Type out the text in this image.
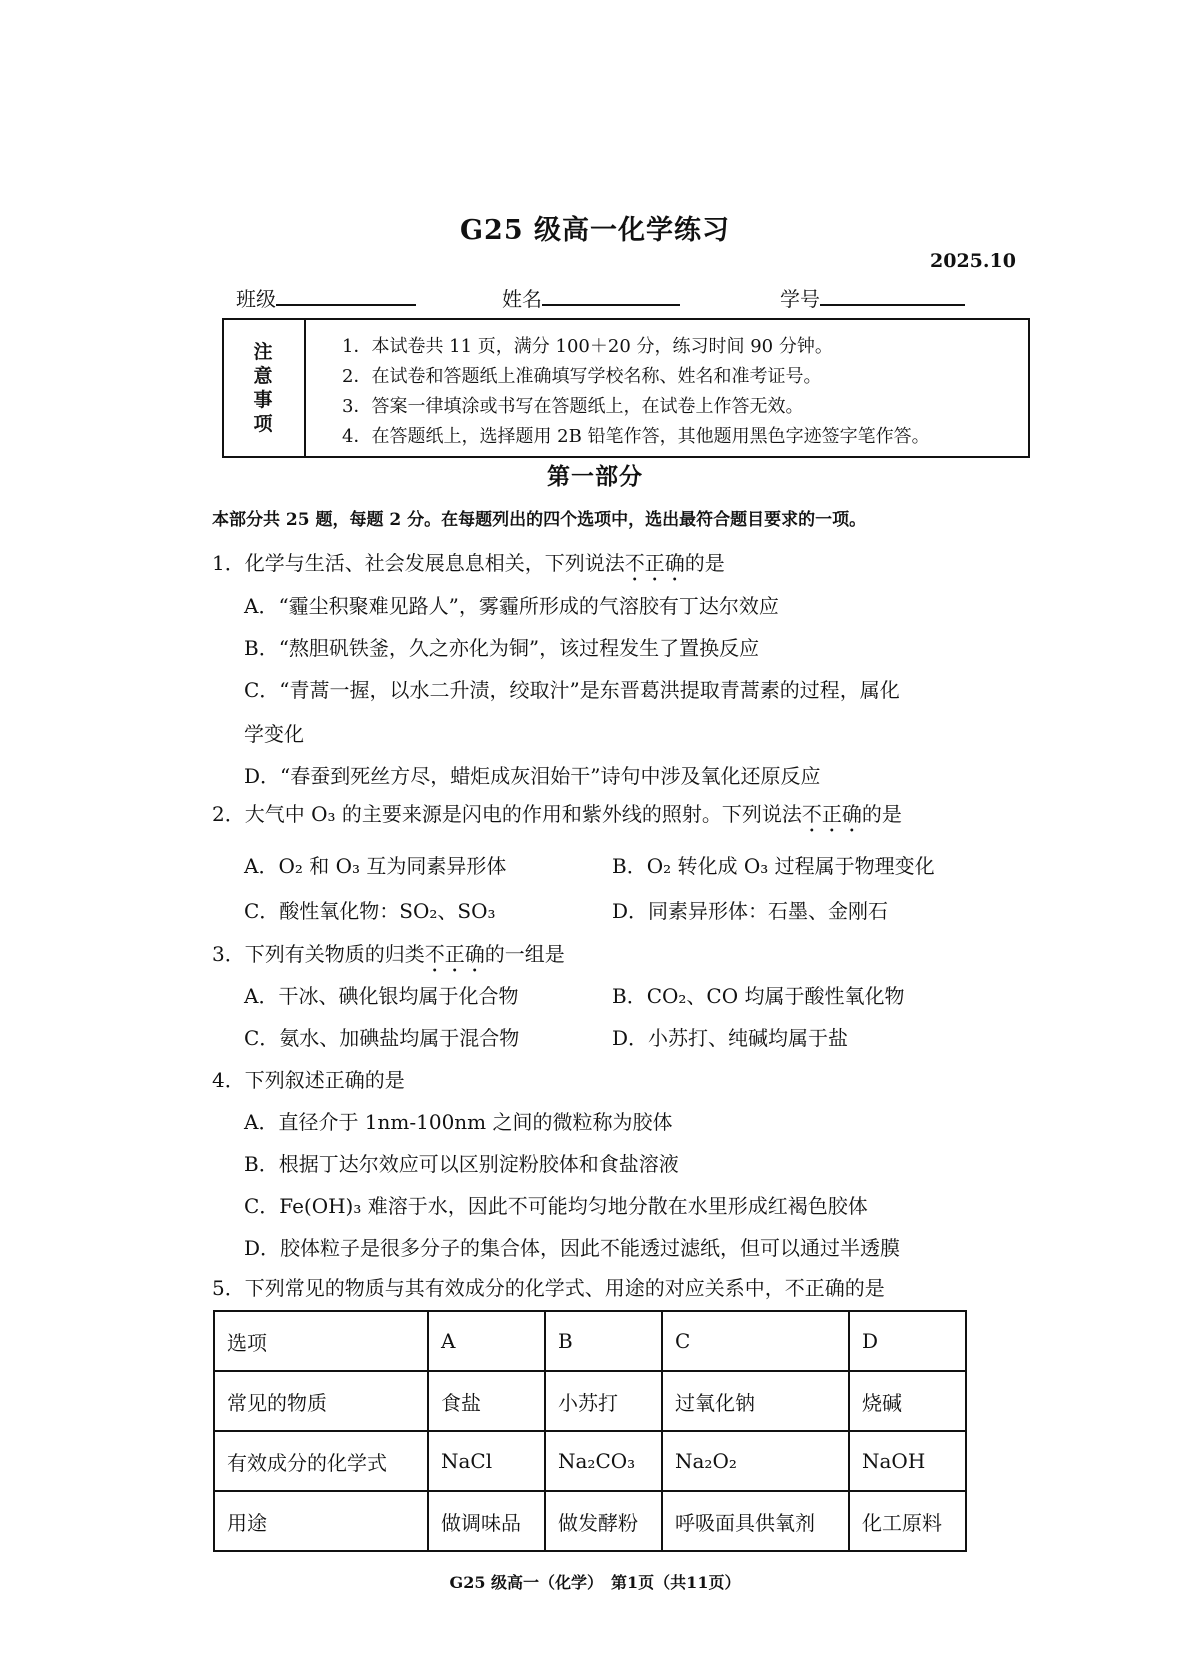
G25 级高一化学练习
2025.10
班级	姓名	学号
注意事项
1．本试卷共 11 页，满分 100＋20 分，练习时间 90 分钟。
2．在试卷和答题纸上准确填写学校名称、姓名和准考证号。
3．答案一律填涂或书写在答题纸上，在试卷上作答无效。
4．在答题纸上，选择题用 2B 铅笔作答，其他题用黑色字迹签字笔作答。
第一部分
本部分共 25 题，每题 2 分。在每题列出的四个选项中，选出最符合题目要求的一项。
1．化学与生活、社会发展息息相关，下列说法不正确的是
A．“霾尘积聚难见路人”，雾霾所形成的气溶胶有丁达尔效应
B．“熬胆矾铁釜，久之亦化为铜”，该过程发生了置换反应
C．“青蒿一握，以水二升渍，绞取汁”是东晋葛洪提取青蒿素的过程，属化
学变化
D．“春蚕到死丝方尽，蜡炬成灰泪始干”诗句中涉及氧化还原反应
2．大气中 O₃ 的主要来源是闪电的作用和紫外线的照射。下列说法不正确的是
A．O₂ 和 O₃ 互为同素异形体	B．O₂ 转化成 O₃ 过程属于物理变化
C．酸性氧化物：SO₂、SO₃	D．同素异形体：石墨、金刚石
3．下列有关物质的归类不正确的一组是
A．干冰、碘化银均属于化合物	B．CO₂、CO 均属于酸性氧化物
C．氨水、加碘盐均属于混合物	D．小苏打、纯碱均属于盐
4．下列叙述正确的是
A．直径介于 1nm-100nm 之间的微粒称为胶体
B．根据丁达尔效应可以区别淀粉胶体和食盐溶液
C．Fe(OH)₃ 难溶于水，因此不可能均匀地分散在水里形成红褐色胶体
D．胶体粒子是很多分子的集合体，因此不能透过滤纸，但可以通过半透膜
5．下列常见的物质与其有效成分的化学式、用途的对应关系中，不正确的是
选项	A	B	C	D
常见的物质	食盐	小苏打	过氧化钠	烧碱
有效成分的化学式	NaCl	Na₂CO₃	Na₂O₂	NaOH
用途	做调味品	做发酵粉	呼吸面具供氧剂	化工原料
G25 级高一（化学）　第1页（共11页）
